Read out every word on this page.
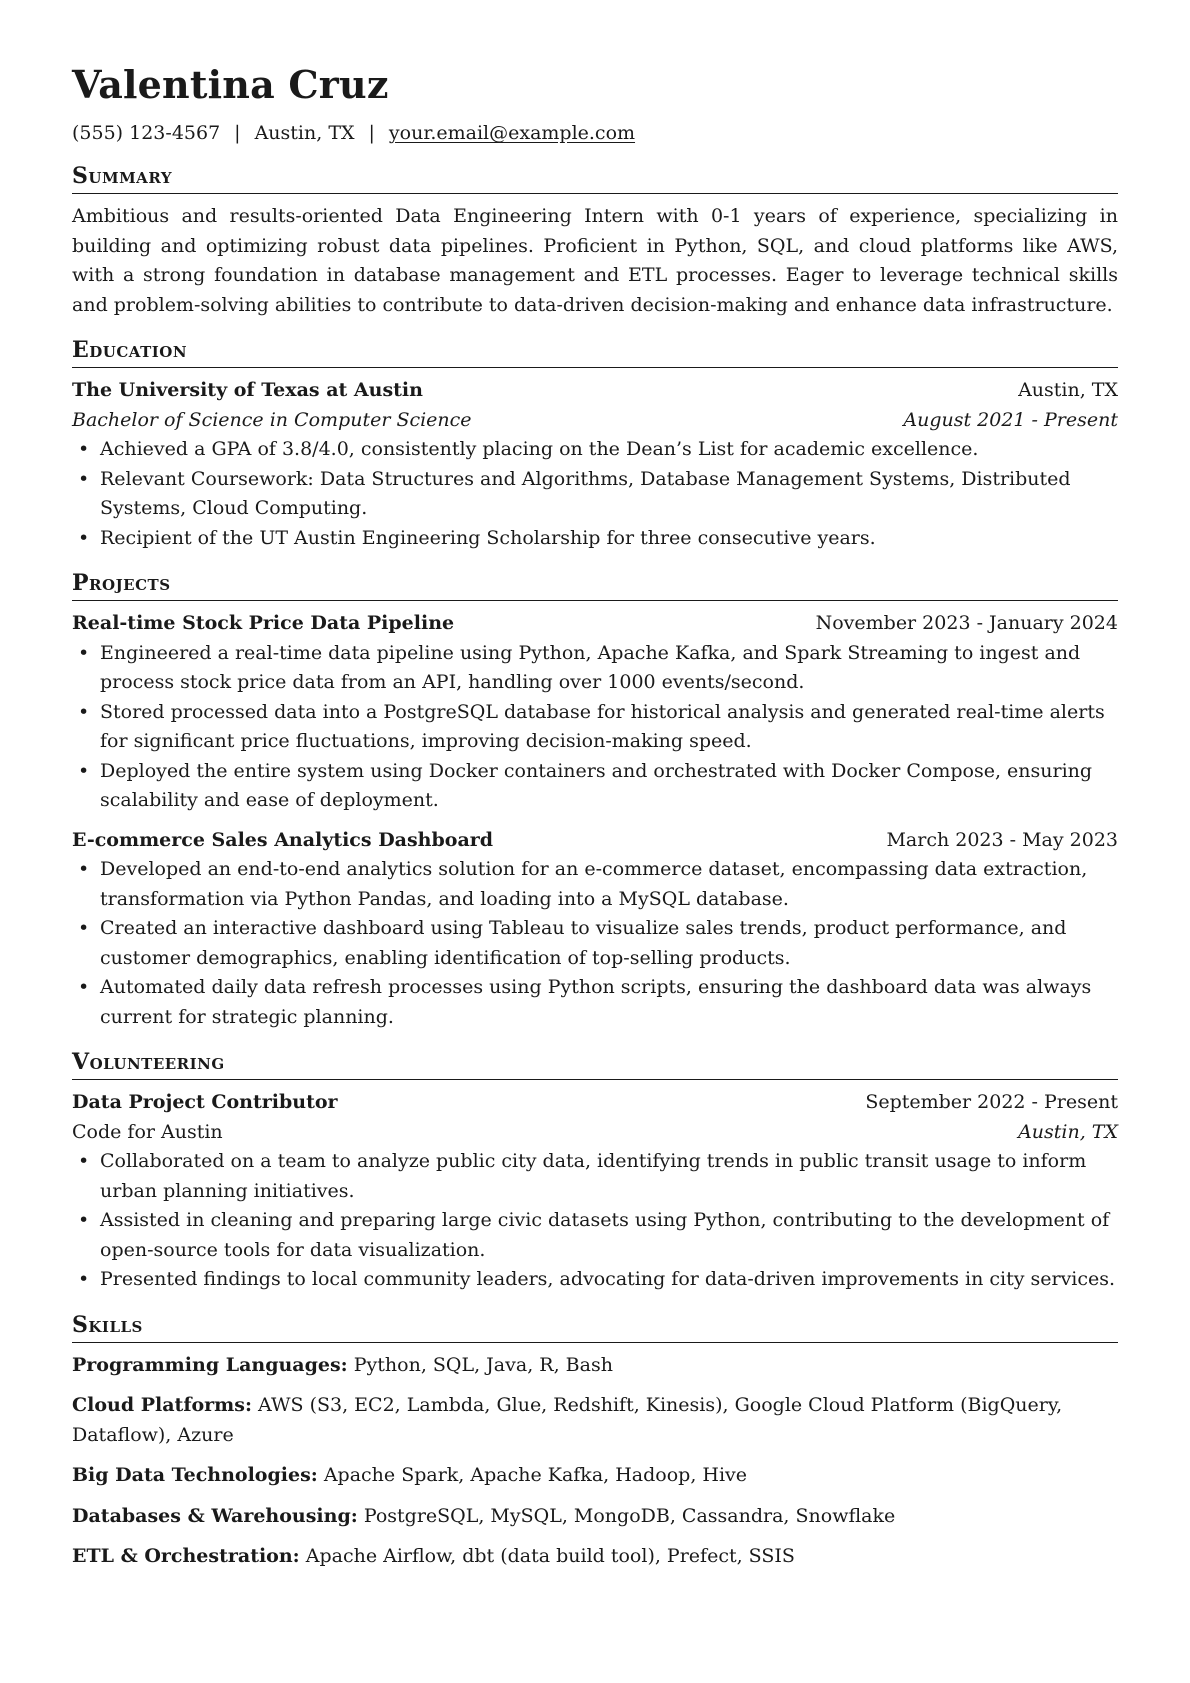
Valentina Cruz
(555) 123-4567 | Austin, TX | your.email@example.com
Summary

Ambitious and results-oriented Data Engineering Intern with 0-1 years of experience, specializing in building and optimizing robust data pipelines. Proficient in Python, SQL, and cloud platforms like AWS, with a strong foundation in database management and ETL processes. Eager to leverage technical skills and problem-solving abilities to contribute to data-driven decision-making and enhance data infrastructure.

Education
The University of Texas at Austin	Austin, TX
Bachelor of Science in Computer Science	August 2021 - Present
• Achieved a GPA of 3.8/4.0, consistently placing on the Dean’s List for academic excellence.
• Relevant Coursework: Data Structures and Algorithms, Database Management Systems, Distributed Systems, Cloud Computing.
• Recipient of the UT Austin Engineering Scholarship for three consecutive years.
Projects
Real-time Stock Price Data Pipeline	November 2023 - January 2024
• Engineered a real-time data pipeline using Python, Apache Kafka, and Spark Streaming to ingest and process stock price data from an API, handling over 1000 events/second.
• Stored processed data into a PostgreSQL database for historical analysis and generated real-time alerts for significant price fluctuations, improving decision-making speed.
• Deployed the entire system using Docker containers and orchestrated with Docker Compose, ensuring scalability and ease of deployment.
E-commerce Sales Analytics Dashboard	March 2023 - May 2023
• Developed an end-to-end analytics solution for an e-commerce dataset, encompassing data extraction, transformation via Python Pandas, and loading into a MySQL database.
• Created an interactive dashboard using Tableau to visualize sales trends, product performance, and customer demographics, enabling identification of top-selling products.
• Automated daily data refresh processes using Python scripts, ensuring the dashboard data was always current for strategic planning.
Volunteering
Data Project Contributor	September 2022 - Present
Code for Austin	Austin, TX
• Collaborated on a team to analyze public city data, identifying trends in public transit usage to inform urban planning initiatives.
• Assisted in cleaning and preparing large civic datasets using Python, contributing to the development of open-source tools for data visualization.
• Presented findings to local community leaders, advocating for data-driven improvements in city services.
Skills

Programming Languages: Python, SQL, Java, R, Bash

Cloud Platforms: AWS (S3, EC2, Lambda, Glue, Redshift, Kinesis), Google Cloud Platform (BigQuery, Dataflow), Azure

Big Data Technologies: Apache Spark, Apache Kafka, Hadoop, Hive

Databases & Warehousing: PostgreSQL, MySQL, MongoDB, Cassandra, Snowflake

ETL & Orchestration: Apache Airflow, dbt (data build tool), Prefect, SSIS
